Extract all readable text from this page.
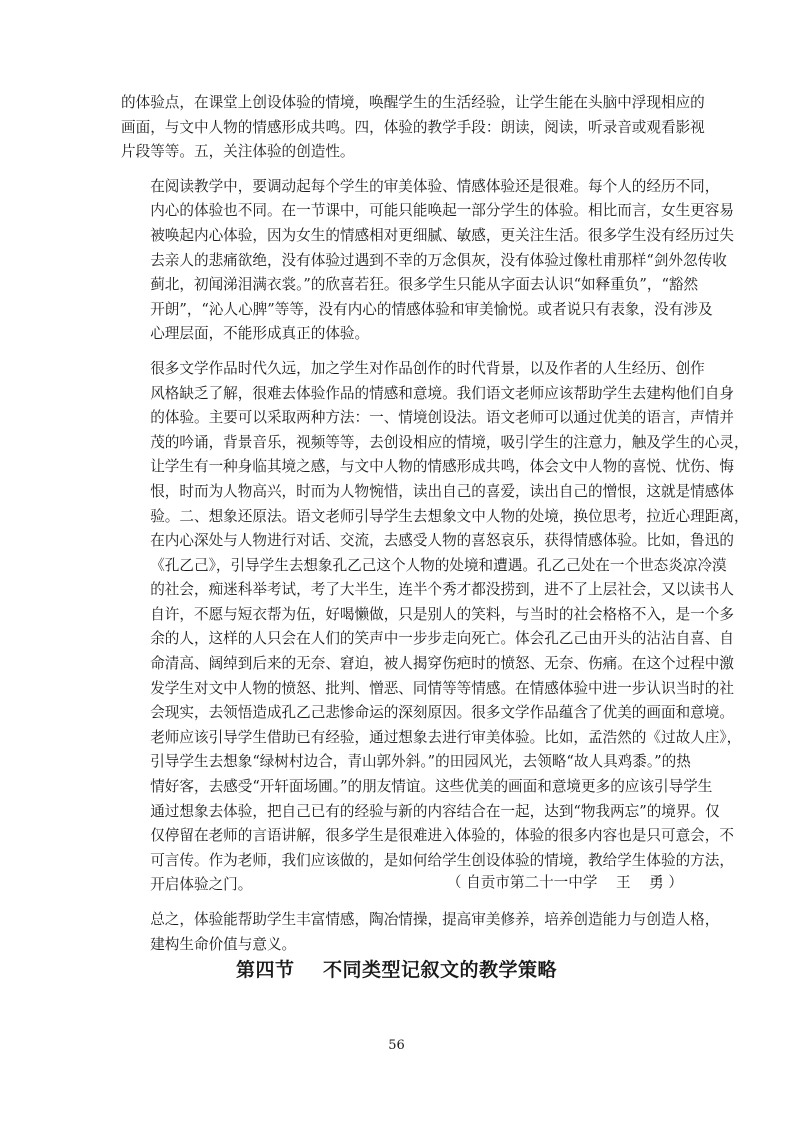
的体验点，在课堂上创设体验的情境，唤醒学生的生活经验，让学生能在头脑中浮现相应的
画面，与文中人物的情感形成共鸣。四，体验的教学手段：朗读，阅读，听录音或观看影视
片段等等。五，关注体验的创造性。

在阅读教学中，要调动起每个学生的审美体验、情感体验还是很难。每个人的经历不同，
内心的体验也不同。在一节课中，可能只能唤起一部分学生的体验。相比而言，女生更容易
被唤起内心体验，因为女生的情感相对更细腻、敏感，更关注生活。很多学生没有经历过失
去亲人的悲痛欲绝，没有体验过遇到不幸的万念俱灰，没有体验过像杜甫那样“剑外忽传收
蓟北，初闻涕泪满衣裳。”的欣喜若狂。很多学生只能从字面去认识“如释重负”，“豁然
开朗”，“沁人心脾”等等，没有内心的情感体验和审美愉悦。或者说只有表象，没有涉及
心理层面，不能形成真正的体验。

很多文学作品时代久远，加之学生对作品创作的时代背景，以及作者的人生经历、创作
风格缺乏了解，很难去体验作品的情感和意境。我们语文老师应该帮助学生去建构他们自身
的体验。主要可以采取两种方法：一、情境创设法。语文老师可以通过优美的语言，声情并
茂的吟诵，背景音乐，视频等等，去创设相应的情境，吸引学生的注意力，触及学生的心灵，
让学生有一种身临其境之感，与文中人物的情感形成共鸣，体会文中人物的喜悦、忧伤、悔
恨，时而为人物高兴，时而为人物惋惜，读出自己的喜爱，读出自己的憎恨，这就是情感体
验。二、想象还原法。语文老师引导学生去想象文中人物的处境，换位思考，拉近心理距离，
在内心深处与人物进行对话、交流，去感受人物的喜怒哀乐，获得情感体验。比如，鲁迅的
《孔乙己》，引导学生去想象孔乙己这个人物的处境和遭遇。孔乙己处在一个世态炎凉冷漠
的社会，痴迷科举考试，考了大半生，连半个秀才都没捞到，进不了上层社会，又以读书人
自许，不愿与短衣帮为伍，好喝懒做，只是别人的笑料，与当时的社会格格不入，是一个多
余的人，这样的人只会在人们的笑声中一步步走向死亡。体会孔乙己由开头的沾沾自喜、自
命清高、阔绰到后来的无奈、窘迫，被人揭穿伤疤时的愤怒、无奈、伤痛。在这个过程中激
发学生对文中人物的愤怒、批判、憎恶、同情等等情感。在情感体验中进一步认识当时的社
会现实，去领悟造成孔乙己悲惨命运的深刻原因。很多文学作品蕴含了优美的画面和意境。
老师应该引导学生借助已有经验，通过想象去进行审美体验。比如，孟浩然的《过故人庄》，
引导学生去想象“绿树村边合，青山郭外斜。”的田园风光，去领略“故人具鸡黍。”的热
情好客，去感受“开轩面场圃。”的朋友情谊。这些优美的画面和意境更多的应该引导学生
通过想象去体验，把自己已有的经验与新的内容结合在一起，达到“物我两忘”的境界。仅
仅停留在老师的言语讲解，很多学生是很难进入体验的，体验的很多内容也是只可意会，不
可言传。作为老师，我们应该做的，是如何给学生创设体验的情境，教给学生体验的方法，
开启体验之门。

总之，体验能帮助学生丰富情感，陶冶情操，提高审美修养，培养创造能力与创造人格，
建构生命价值与意义。

（ 自贡市第二十一中学    王    勇 ）
第四节    不同类型记叙文的教学策略
56
